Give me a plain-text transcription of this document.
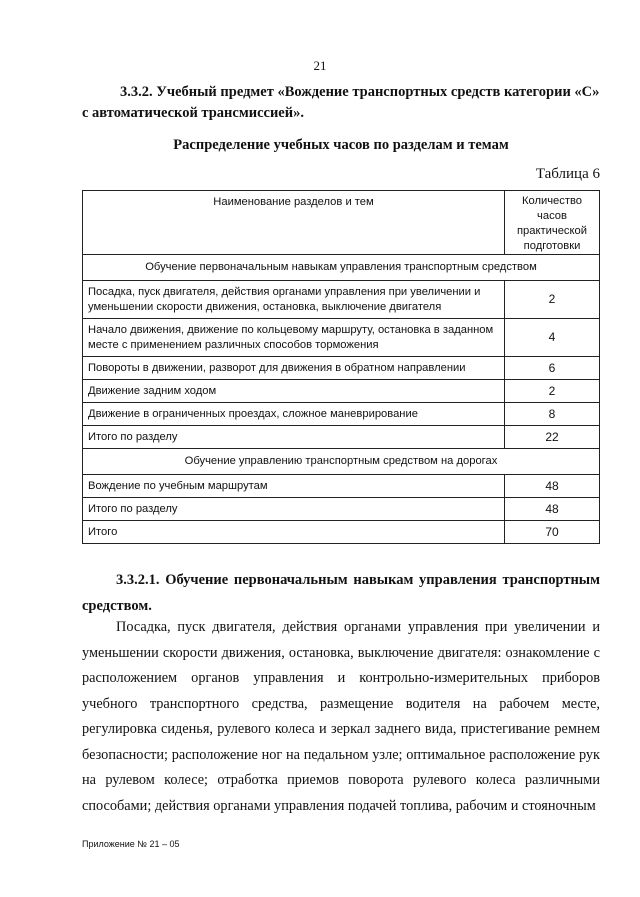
21
3.3.2. Учебный предмет «Вождение транспортных средств категории «С»
с автоматической трансмиссией».
Распределение учебных часов по разделам и темам
Таблица 6
Наименование разделов и тем	Количество часов практической подготовки
Обучение первоначальным навыкам управления транспортным средством	
Посадка, пуск двигателя, действия органами управления при увеличении и уменьшении скорости движения, остановка, выключение двигателя	2
Начало движения, движение по кольцевому маршруту, остановка в заданном месте с применением различных способов торможения	4
Повороты в движении, разворот для движения в обратном направлении	6
Движение задним ходом	2
Движение в ограниченных проездах, сложное маневрирование	8
Итого по разделу	22
Обучение управлению транспортным средством на дорогах	
Вождение по учебным маршрутам	48
Итого по разделу	48
Итого	70
3.3.2.1. Обучение первоначальным навыкам управления транспортным
средством.
Посадка, пуск двигателя, действия органами управления при увеличении и уменьшении скорости движения, остановка, выключение двигателя: ознакомление с расположением органов управления и контрольно-измерительных приборов учебного транспортного средства, размещение водителя на рабочем месте, регулировка сиденья, рулевого колеса и зеркал заднего вида, пристегивание ремнем безопасности; расположение ног на педальном узле; оптимальное расположение рук на рулевом колесе; отработка приемов поворота рулевого колеса различными способами; действия органами управления подачей топлива, рабочим и стояночным
Приложение № 21 – 05
